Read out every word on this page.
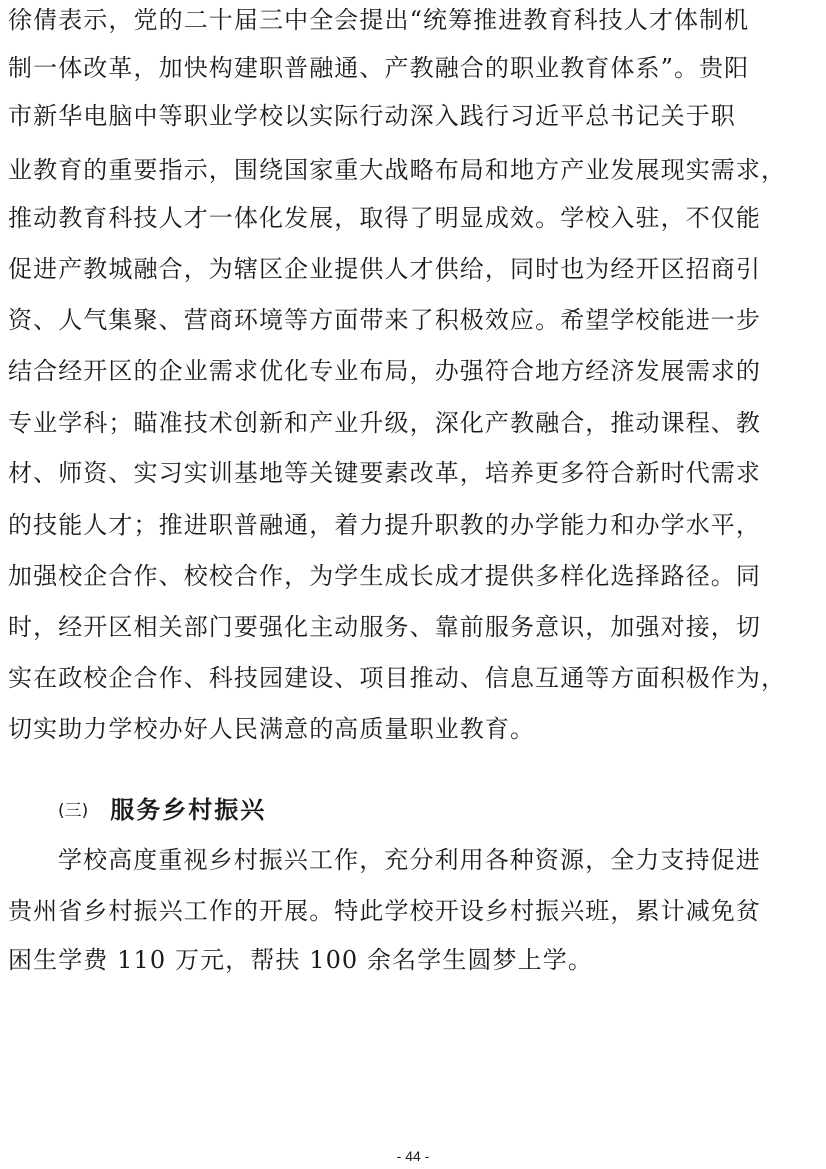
徐倩表示，党的二十届三中全会提出“统筹推进教育科技人才体制机
制一体改革，加快构建职普融通、产教融合的职业教育体系”。贵阳
市新华电脑中等职业学校以实际行动深入践行习近平总书记关于职
业教育的重要指示，围绕国家重大战略布局和地方产业发展现实需求，
推动教育科技人才一体化发展，取得了明显成效。学校入驻，不仅能
促进产教城融合，为辖区企业提供人才供给，同时也为经开区招商引
资、人气集聚、营商环境等方面带来了积极效应。希望学校能进一步
结合经开区的企业需求优化专业布局，办强符合地方经济发展需求的
专业学科；瞄准技术创新和产业升级，深化产教融合，推动课程、教
材、师资、实习实训基地等关键要素改革，培养更多符合新时代需求
的技能人才；推进职普融通，着力提升职教的办学能力和办学水平，
加强校企合作、校校合作，为学生成长成才提供多样化选择路径。同
时，经开区相关部门要强化主动服务、靠前服务意识，加强对接，切
实在政校企合作、科技园建设、项目推动、信息互通等方面积极作为，
切实助力学校办好人民满意的高质量职业教育。
(三) 服务乡村振兴
学校高度重视乡村振兴工作，充分利用各种资源，全力支持促进
贵州省乡村振兴工作的开展。特此学校开设乡村振兴班，累计减免贫
困生学费 110 万元，帮扶 100 余名学生圆梦上学。
- 44 -
